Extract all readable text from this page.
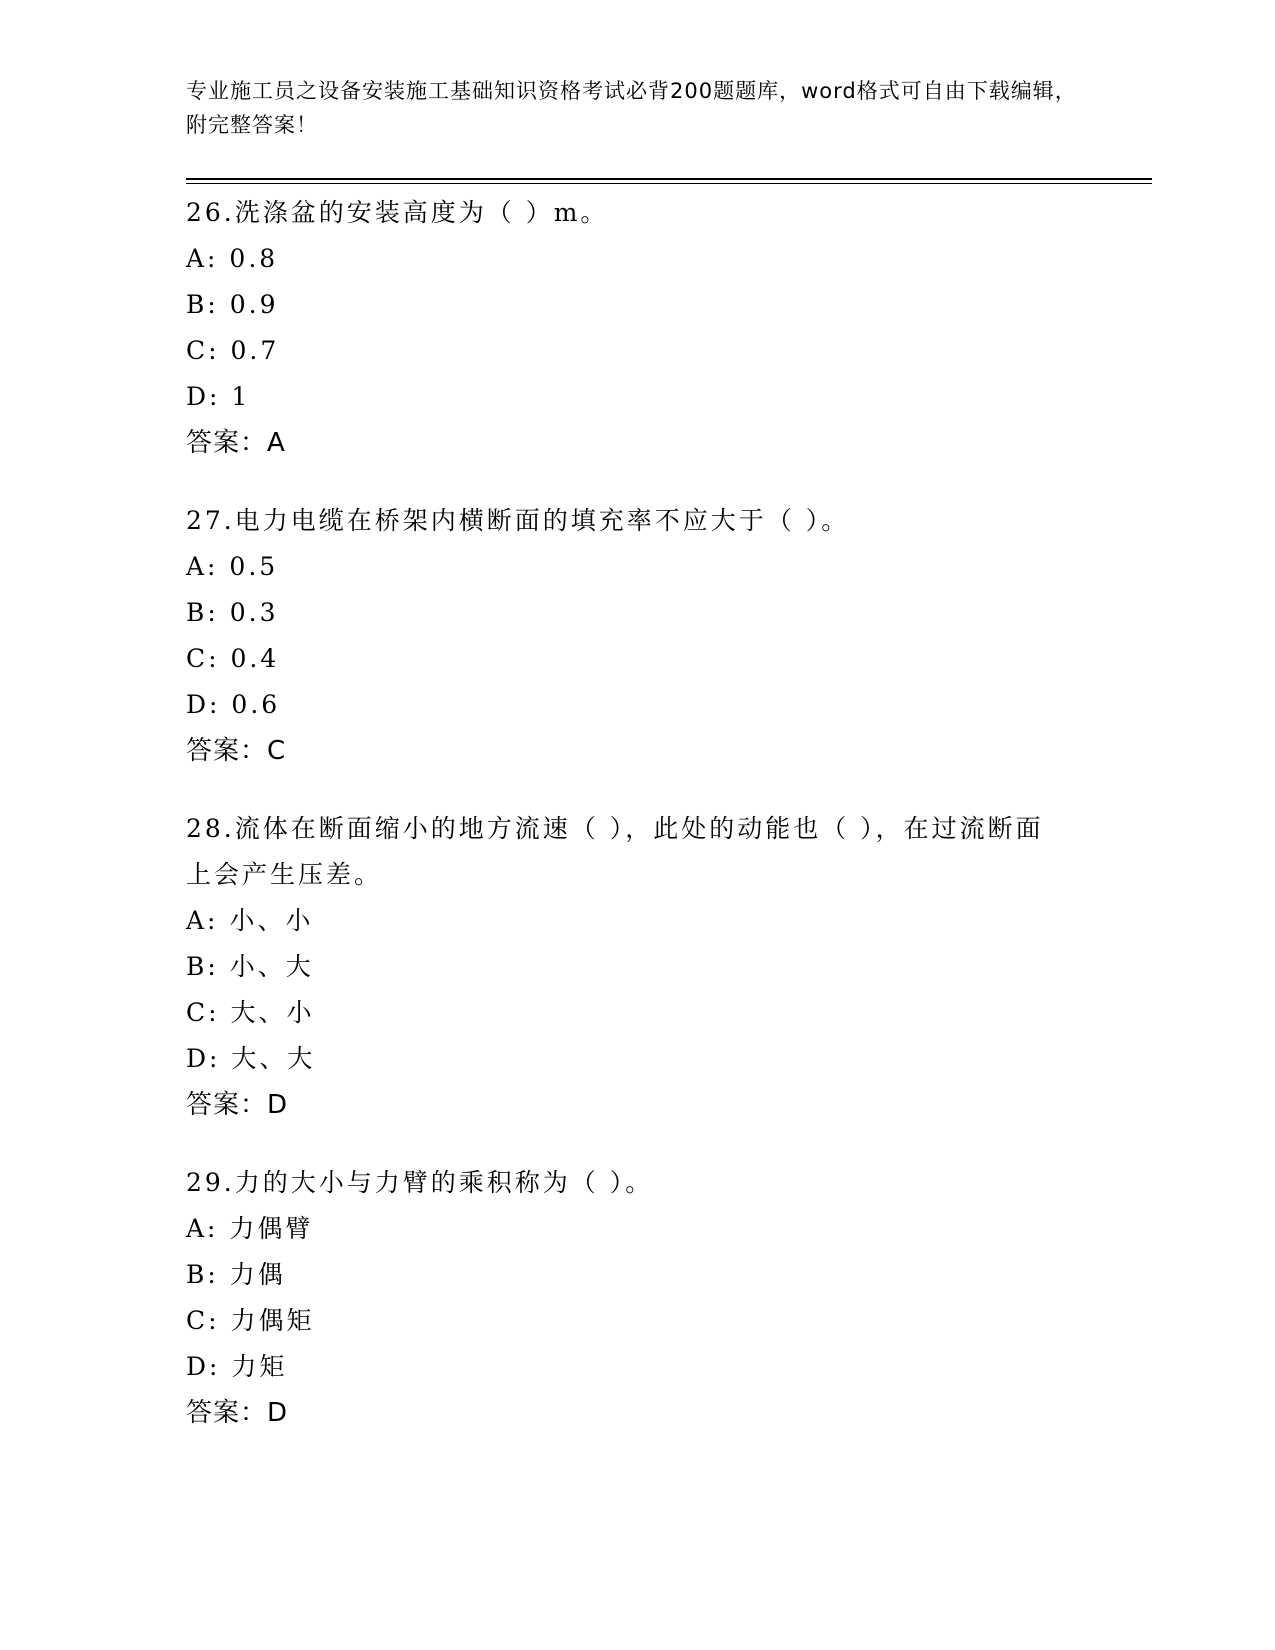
专业施工员之设备安装施工基础知识资格考试必背200题题库，word格式可自由下载编辑，附完整答案！
26.洗涤盆的安装高度为（ ）m。
A: 0.8
B: 0.9
C: 0.7
D: 1
答案：A
27.电力电缆在桥架内横断面的填充率不应大于（ ）。
A: 0.5
B: 0.3
C: 0.4
D: 0.6
答案：C
28.流体在断面缩小的地方流速（ ），此处的动能也（ ），在过流断面上会产生压差。
A: 小、小
B: 小、大
C: 大、小
D: 大、大
答案：D
29.力的大小与力臂的乘积称为（ ）。
A: 力偶臂
B: 力偶
C: 力偶矩
D: 力矩
答案：D
